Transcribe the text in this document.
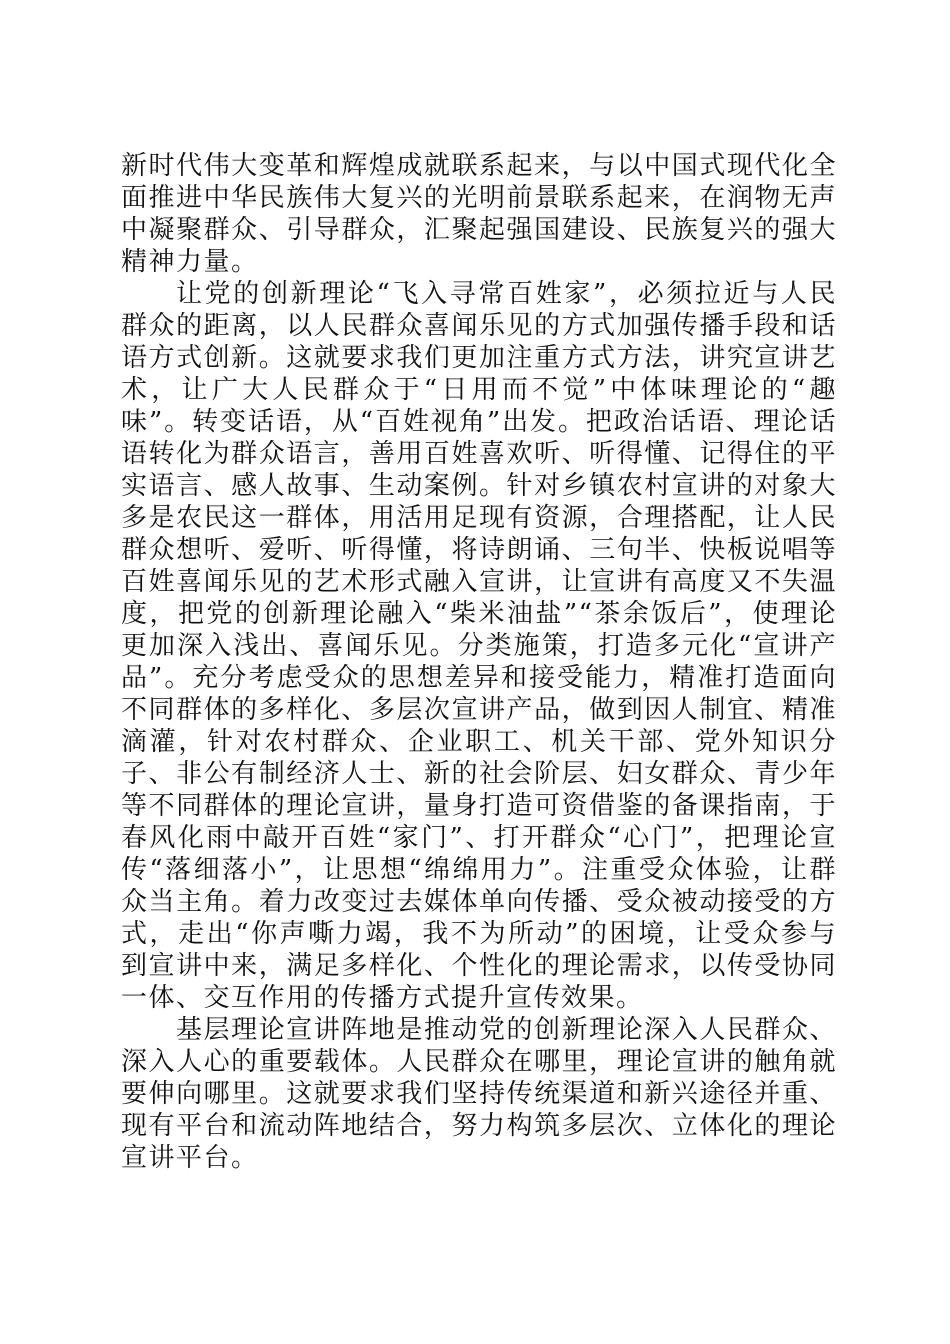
新时代伟大变革和辉煌成就联系起来，与以中国式现代化全面推进中华民族伟大复兴的光明前景联系起来，在润物无声中凝聚群众、引导群众，汇聚起强国建设、民族复兴的强大精神力量。

让党的创新理论“飞入寻常百姓家”，必须拉近与人民群众的距离，以人民群众喜闻乐见的方式加强传播手段和话语方式创新。这就要求我们更加注重方式方法，讲究宣讲艺术，让广大人民群众于“日用而不觉”中体味理论的“趣味”。转变话语，从“百姓视角”出发。把政治话语、理论话语转化为群众语言，善用百姓喜欢听、听得懂、记得住的平实语言、感人故事、生动案例。针对乡镇农村宣讲的对象大多是农民这一群体，用活用足现有资源，合理搭配，让人民群众想听、爱听、听得懂，将诗朗诵、三句半、快板说唱等百姓喜闻乐见的艺术形式融入宣讲，让宣讲有高度又不失温度，把党的创新理论融入“柴米油盐”“茶余饭后”，使理论更加深入浅出、喜闻乐见。分类施策，打造多元化“宣讲产品”。充分考虑受众的思想差异和接受能力，精准打造面向不同群体的多样化、多层次宣讲产品，做到因人制宜、精准滴灌，针对农村群众、企业职工、机关干部、党外知识分子、非公有制经济人士、新的社会阶层、妇女群众、青少年等不同群体的理论宣讲，量身打造可资借鉴的备课指南，于春风化雨中敲开百姓“家门”、打开群众“心门”，把理论宣传“落细落小”，让思想“绵绵用力”。注重受众体验，让群众当主角。着力改变过去媒体单向传播、受众被动接受的方式，走出“你声嘶力竭，我不为所动”的困境，让受众参与到宣讲中来，满足多样化、个性化的理论需求，以传受协同一体、交互作用的传播方式提升宣传效果。

基层理论宣讲阵地是推动党的创新理论深入人民群众、深入人心的重要载体。人民群众在哪里，理论宣讲的触角就要伸向哪里。这就要求我们坚持传统渠道和新兴途径并重、现有平台和流动阵地结合，努力构筑多层次、立体化的理论宣讲平台。
